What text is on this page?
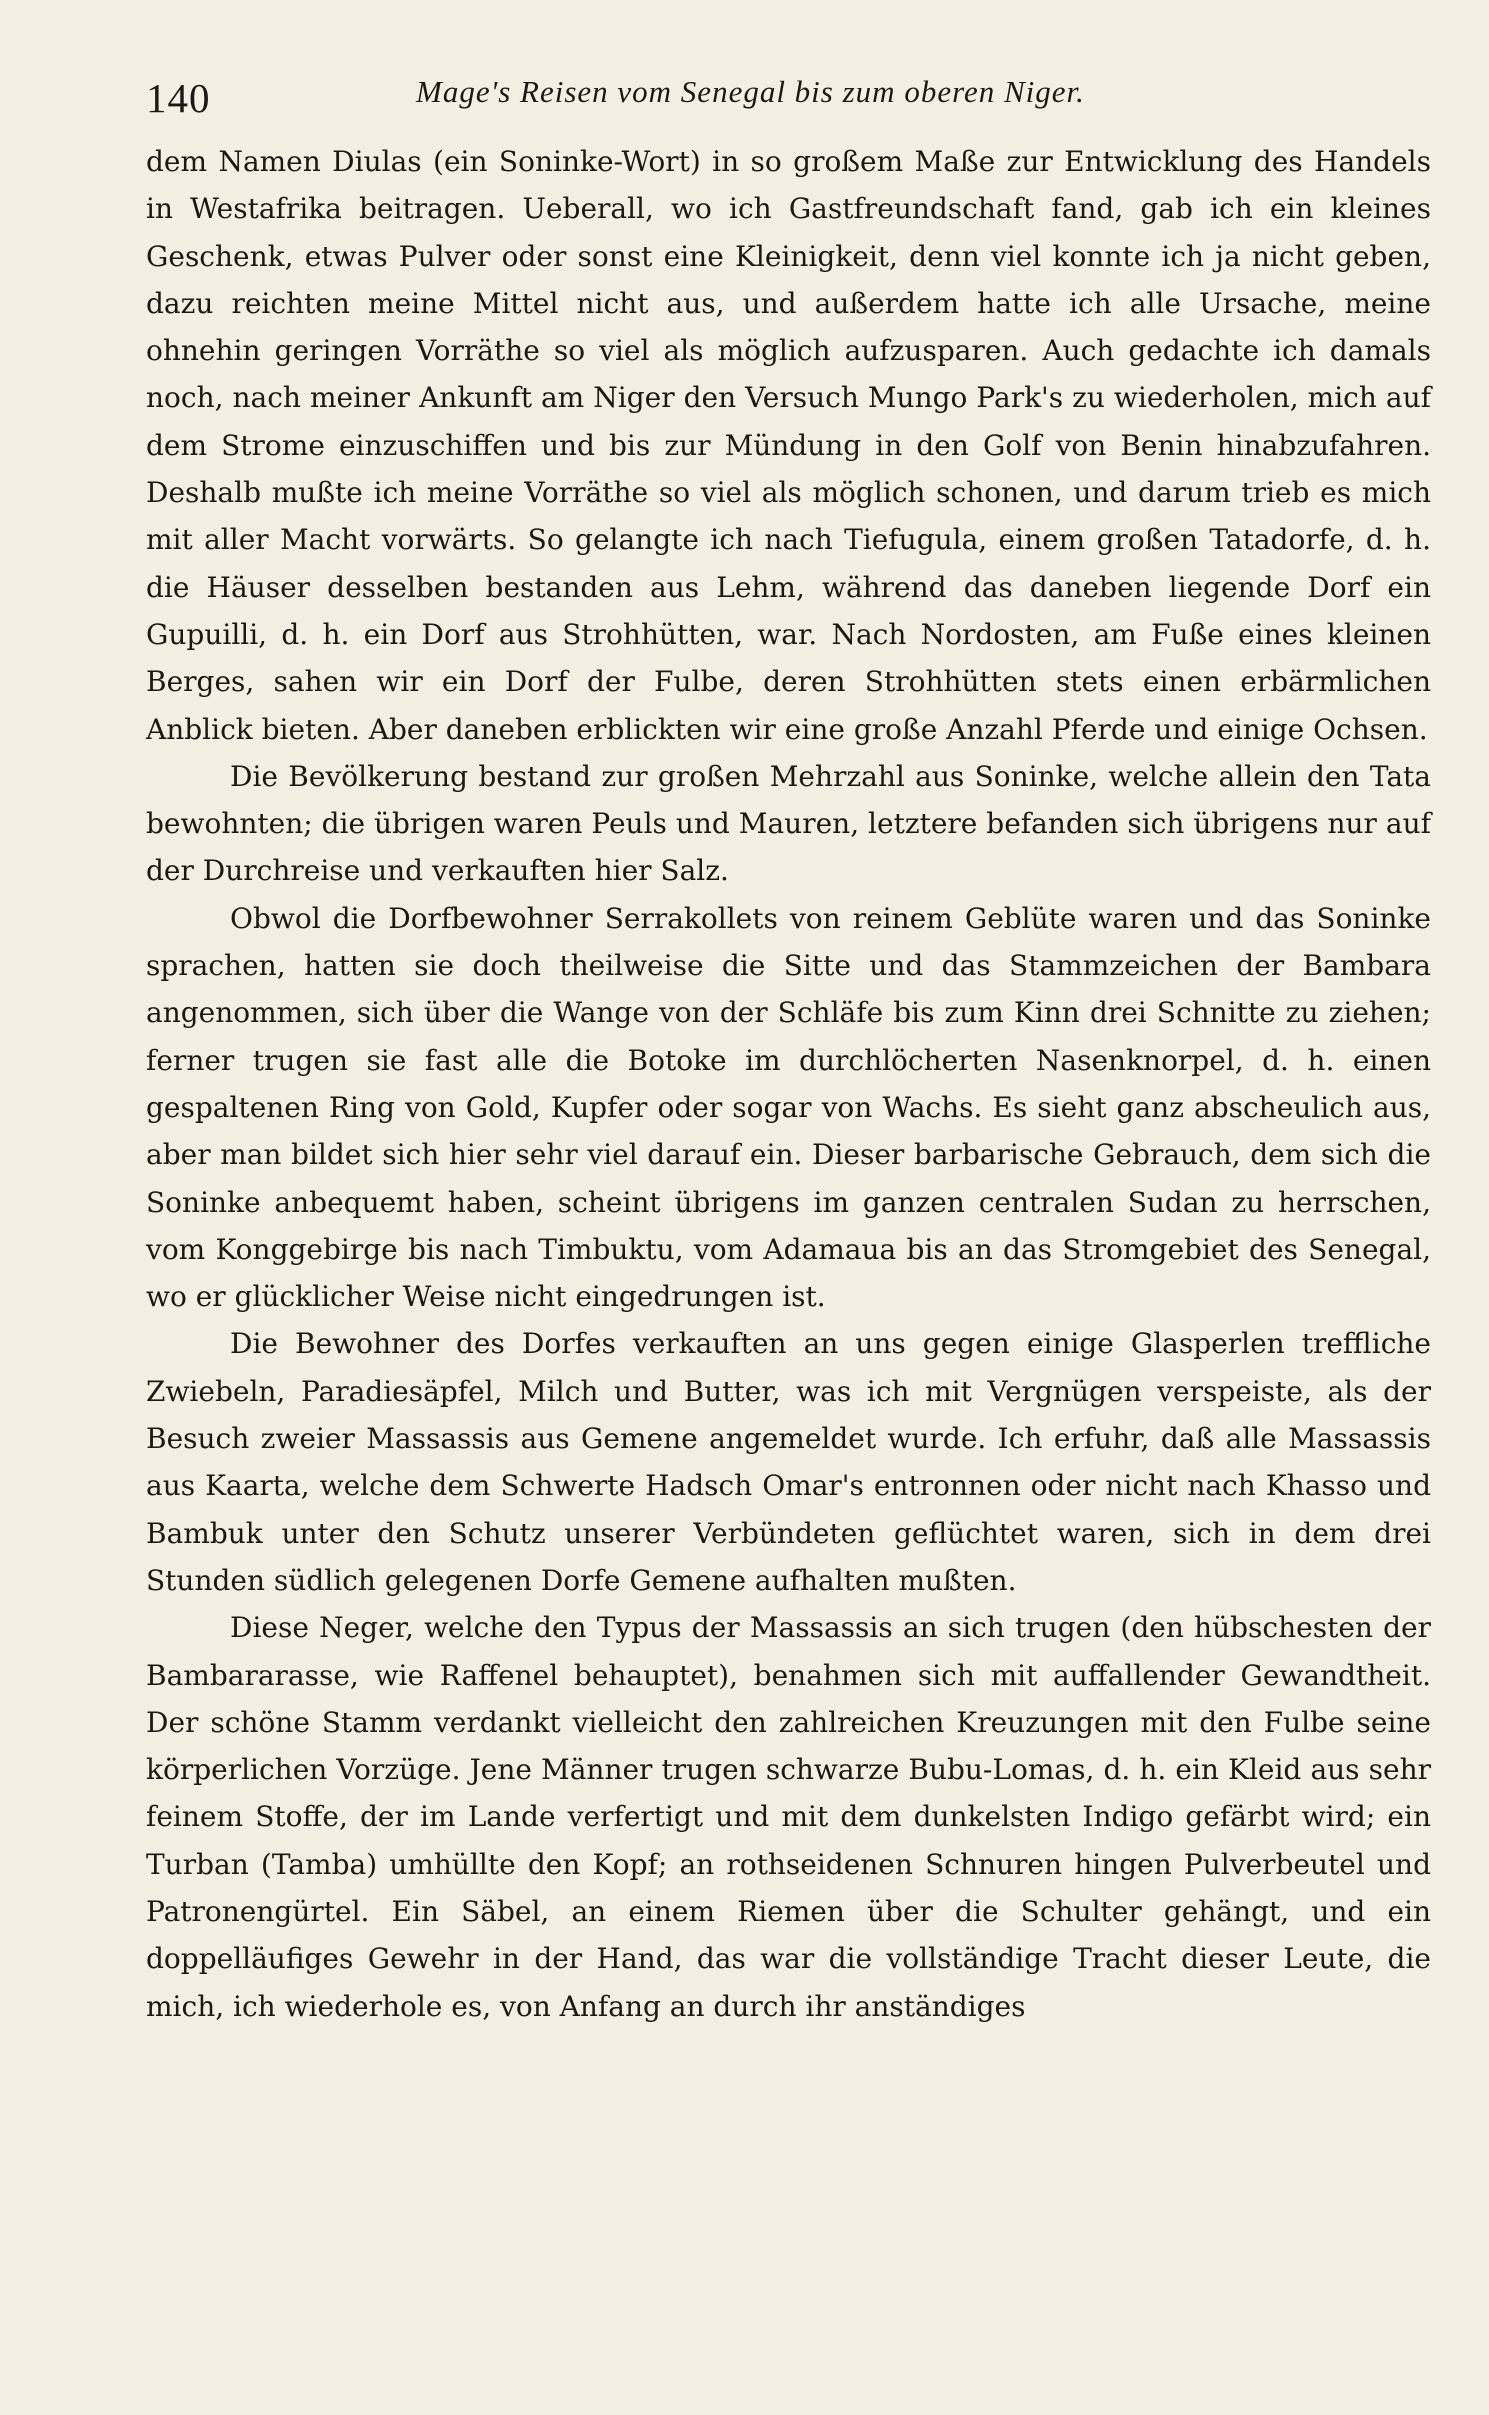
140	Mage's Reisen vom Senegal bis zum oberen Niger.

dem Namen Diulas (ein Soninke-Wort) in so großem Maße zur Entwicklung des Handels in Westafrika beitragen. Ueberall, wo ich Gastfreundschaft fand, gab ich ein kleines Geschenk, etwas Pulver oder sonst eine Kleinigkeit, denn viel konnte ich ja nicht geben, dazu reichten meine Mittel nicht aus, und außerdem hatte ich alle Ursache, meine ohnehin geringen Vorräthe so viel als möglich aufzusparen. Auch gedachte ich damals noch, nach meiner Ankunft am Niger den Versuch Mungo Park's zu wiederholen, mich auf dem Strome einzuschiffen und bis zur Mündung in den Golf von Benin hinabzufahren. Deshalb mußte ich meine Vorräthe so viel als möglich schonen, und darum trieb es mich mit aller Macht vorwärts. So gelangte ich nach Tiefugula, einem großen Tatadorfe, d. h. die Häuser desselben bestanden aus Lehm, während das daneben liegende Dorf ein Gupuilli, d. h. ein Dorf aus Strohhütten, war. Nach Nordosten, am Fuße eines kleinen Berges, sahen wir ein Dorf der Fulbe, deren Strohhütten stets einen erbärmlichen Anblick bieten. Aber daneben erblickten wir eine große Anzahl Pferde und einige Ochsen.

Die Bevölkerung bestand zur großen Mehrzahl aus Soninke, welche allein den Tata bewohnten; die übrigen waren Peuls und Mauren, letztere befanden sich übrigens nur auf der Durchreise und verkauften hier Salz.

Obwol die Dorfbewohner Serrakollets von reinem Geblüte waren und das Soninke sprachen, hatten sie doch theilweise die Sitte und das Stammzeichen der Bambara angenommen, sich über die Wange von der Schläfe bis zum Kinn drei Schnitte zu ziehen; ferner trugen sie fast alle die Botoke im durchlöcherten Nasenknorpel, d. h. einen gespaltenen Ring von Gold, Kupfer oder sogar von Wachs. Es sieht ganz abscheulich aus, aber man bildet sich hier sehr viel darauf ein. Dieser barbarische Gebrauch, dem sich die Soninke anbequemt haben, scheint übrigens im ganzen centralen Sudan zu herrschen, vom Konggebirge bis nach Timbuktu, vom Adamaua bis an das Stromgebiet des Senegal, wo er glücklicher Weise nicht eingedrungen ist.

Die Bewohner des Dorfes verkauften an uns gegen einige Glasperlen treffliche Zwiebeln, Paradiesäpfel, Milch und Butter, was ich mit Vergnügen verspeiste, als der Besuch zweier Massassis aus Gemene angemeldet wurde. Ich erfuhr, daß alle Massassis aus Kaarta, welche dem Schwerte Hadsch Omar's entronnen oder nicht nach Khasso und Bambuk unter den Schutz unserer Verbündeten geflüchtet waren, sich in dem drei Stunden südlich gelegenen Dorfe Gemene aufhalten mußten.

Diese Neger, welche den Typus der Massassis an sich trugen (den hübschesten der Bambararasse, wie Raffenel behauptet), benahmen sich mit auffallender Gewandtheit. Der schöne Stamm verdankt vielleicht den zahlreichen Kreuzungen mit den Fulbe seine körperlichen Vorzüge. Jene Männer trugen schwarze Bubu-Lomas, d. h. ein Kleid aus sehr feinem Stoffe, der im Lande verfertigt und mit dem dunkelsten Indigo gefärbt wird; ein Turban (Tamba) umhüllte den Kopf; an rothseidenen Schnuren hingen Pulverbeutel und Patronengürtel. Ein Säbel, an einem Riemen über die Schulter gehängt, und ein doppelläufiges Gewehr in der Hand, das war die vollständige Tracht dieser Leute, die mich, ich wiederhole es, von Anfang an durch ihr anständiges
